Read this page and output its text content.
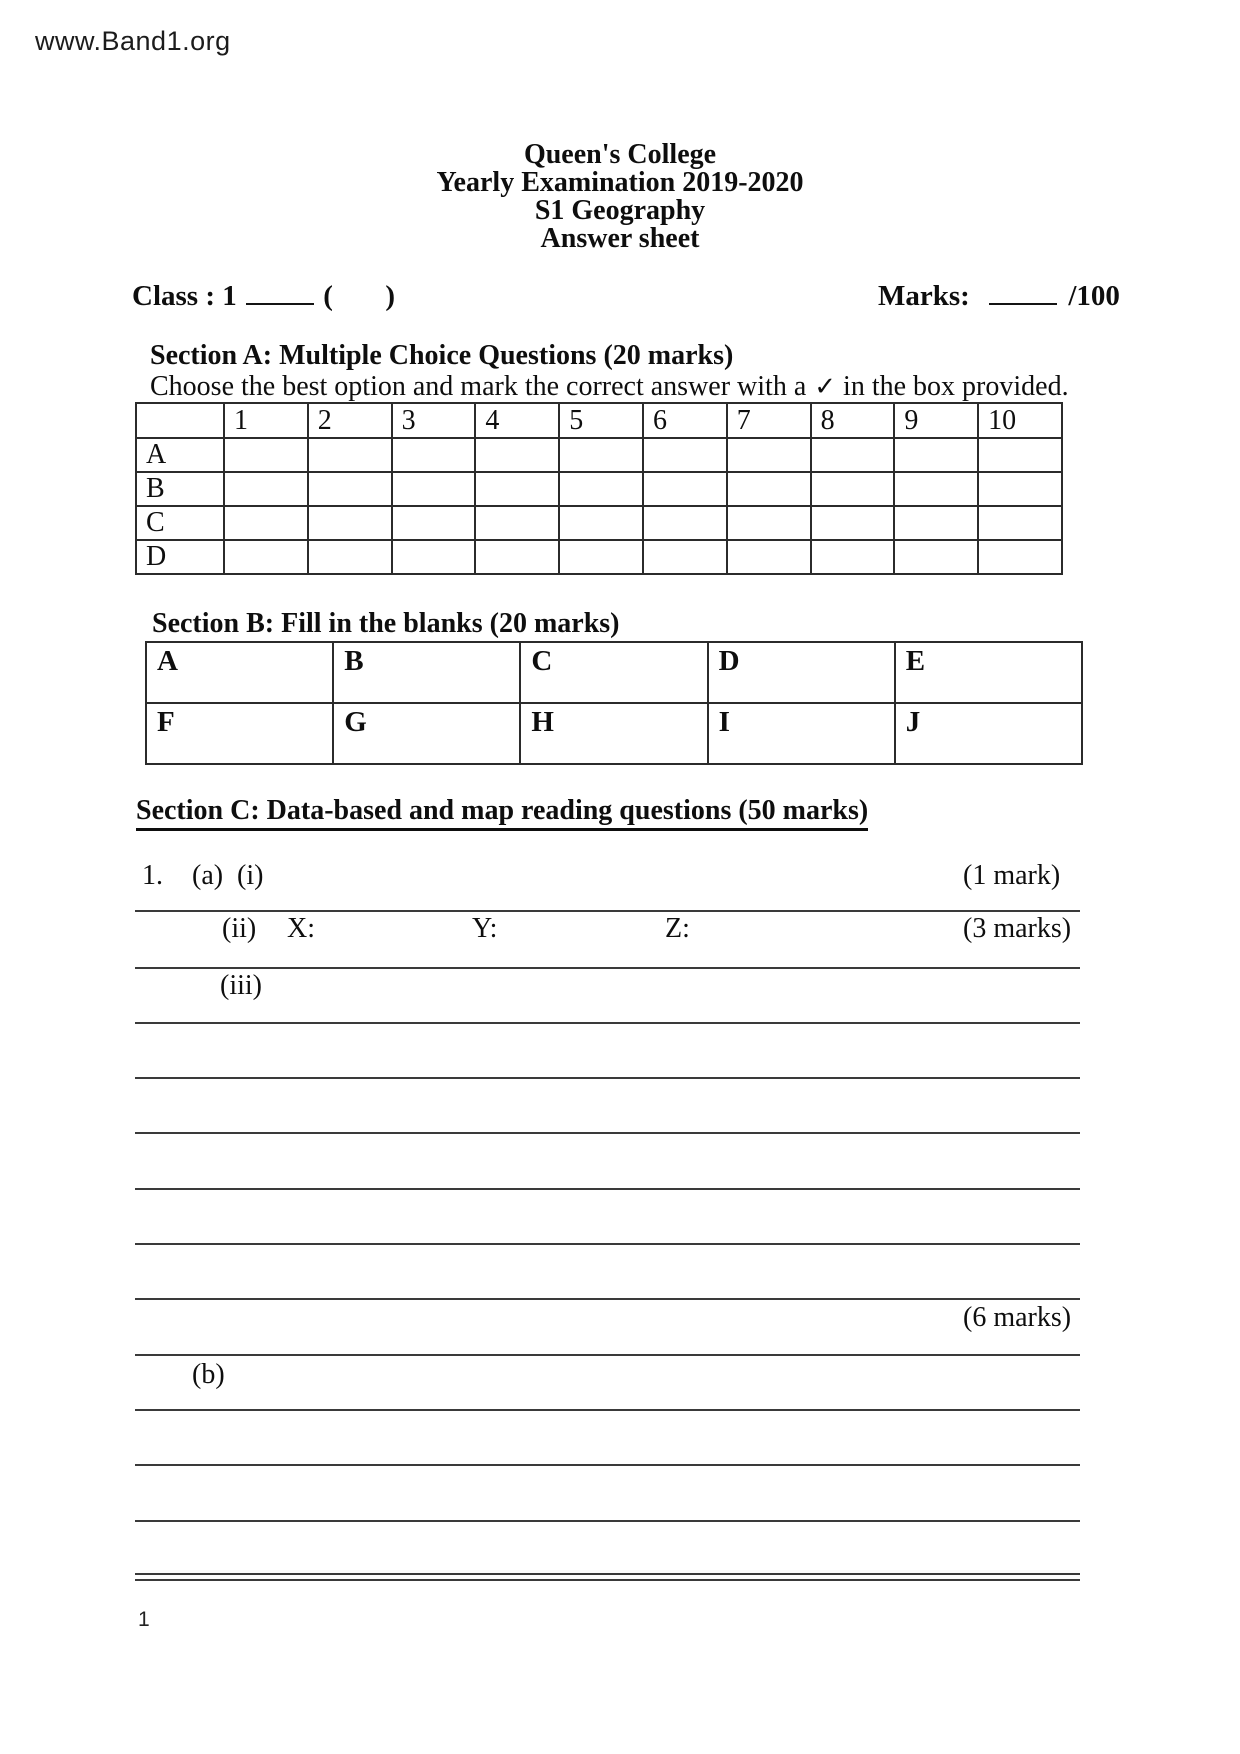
www.Band1.org
Queen's College
Yearly Examination 2019-2020
S1 Geography
Answer sheet
Class : 1	( )	Marks:	/100
Section A: Multiple Choice Questions (20 marks)
Choose the best option and mark the correct answer with a ✓ in the box provided.
	1	2	3	4	5	6	7	8	9	10
A										
B										
C										
D										
Section B: Fill in the blanks (20 marks)
A	B	C	D	E
F	G	H	I	J
Section C: Data-based and map reading questions (50 marks)
1. (a) (i)	(1 mark)
(ii) X:	Y:	Z:	(3 marks)
(iii)
(6 marks)
(b)
1
